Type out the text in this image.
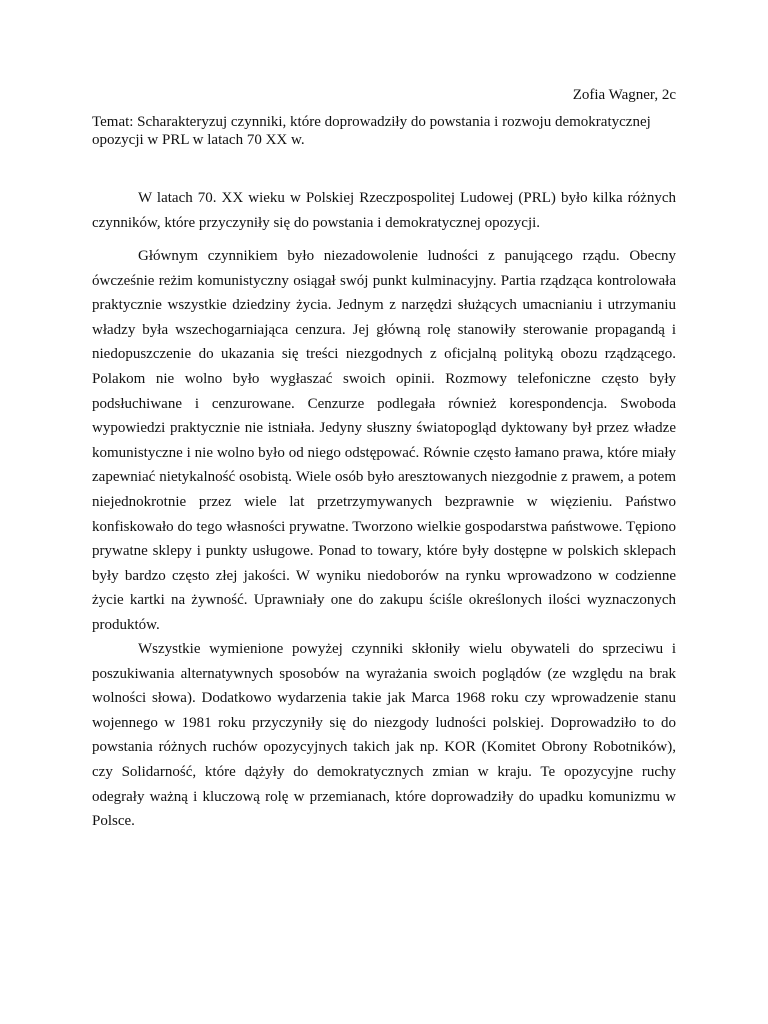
Zofia Wagner, 2c
Temat: Scharakteryzuj czynniki, które doprowadziły do powstania i rozwoju demokratycznej opozycji w PRL w latach 70 XX w.

W latach 70. XX wieku w Polskiej Rzeczpospolitej Ludowej (PRL) było kilka różnych czynników, które przyczyniły się do powstania i demokratycznej opozycji.

Głównym czynnikiem było niezadowolenie ludności z panującego rządu. Obecny ówcześnie reżim komunistyczny osiągał swój punkt kulminacyjny. Partia rządząca kontrolowała praktycznie wszystkie dziedziny życia. Jednym z narzędzi służących umacnianiu i utrzymaniu władzy była wszechogarniająca cenzura. Jej główną rolę stanowiły sterowanie propagandą i niedopuszczenie do ukazania się treści niezgodnych z oficjalną polityką obozu rządzącego. Polakom nie wolno było wygłaszać swoich opinii. Rozmowy telefoniczne często były podsłuchiwane i cenzurowane. Cenzurze podlegała również korespondencja. Swoboda wypowiedzi praktycznie nie istniała. Jedyny słuszny światopogląd dyktowany był przez władze komunistyczne i nie wolno było od niego odstępować. Równie często łamano prawa, które miały zapewniać nietykalność osobistą. Wiele osób było aresztowanych niezgodnie z prawem, a potem niejednokrotnie przez wiele lat przetrzymywanych bezprawnie w więzieniu. Państwo konfiskowało do tego własności prywatne. Tworzono wielkie gospodarstwa państwowe. Tępiono prywatne sklepy i punkty usługowe. Ponad to towary, które były dostępne w polskich sklepach były bardzo często złej jakości. W wyniku niedoborów na rynku wprowadzono w codzienne życie kartki na żywność. Uprawniały one do zakupu ściśle określonych ilości wyznaczonych produktów.

Wszystkie wymienione powyżej czynniki skłoniły wielu obywateli do sprzeciwu i poszukiwania alternatywnych sposobów na wyrażania swoich poglądów (ze względu na brak wolności słowa). Dodatkowo wydarzenia takie jak Marca 1968 roku czy wprowadzenie stanu wojennego w 1981 roku przyczyniły się do niezgody ludności polskiej. Doprowadziło to do powstania różnych ruchów opozycyjnych takich jak np. KOR (Komitet Obrony Robotników), czy Solidarność, które dążyły do demokratycznych zmian w kraju. Te opozycyjne ruchy odegrały ważną i kluczową rolę w przemianach, które doprowadziły do upadku komunizmu w Polsce.
